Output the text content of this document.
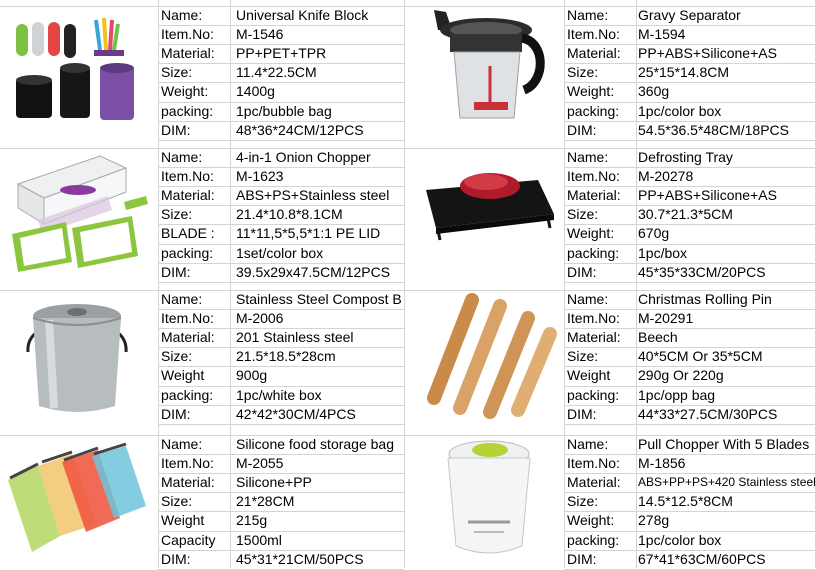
Name: Universal Knife Block
Item.No: M-1546
Material: PP+PET+TPR
Size:	11.4*22.5CM
Weight: 1400g
packing: 1pc/bubble bag
DIM:	48*36*24CM/12PCS
Name: Gravy Separator
Item.No: M-1594
Material: PP+ABS+Silicone+AS
Size:	25*15*14.8CM
Weight: 360g
packing: 1pc/color box
DIM:	54.5*36.5*48CM/18PCS
Name: 4-in-1 Onion Chopper
Item.No: M-1623
Material: ABS+PS+Stainless steel
Size:	21.4*10.8*8.1CM
BLADE : 11*11,5*5,5*1:1 PE LID
packing: 1set/color box
DIM:	39.5x29x47.5CM/12PCS
Name: Defrosting Tray
Item.No: M-20278
Material: PP+ABS+Silicone+AS
Size:	30.7*21.3*5CM
Weight: 670g
packing: 1pc/box
DIM:	45*35*33CM/20PCS
Name: Stainless Steel Compost B
Item.No: M-2006
Material: 201 Stainless steel
Size:	21.5*18.5*28cm
Weight 900g
packing: 1pc/white box
DIM:	42*42*30CM/4PCS
Name: Christmas Rolling Pin
Item.No: M-20291
Material: Beech
Size:	40*5CM Or 35*5CM
Weight 290g Or 220g
packing: 1pc/opp bag
DIM:	44*33*27.5CM/30PCS
Name: Silicone food storage bag
Item.No: M-2055
Material: Silicone+PP
Size:	21*28CM
Weight 215g
Capacity 1500ml
DIM:	45*31*21CM/50PCS
Name: Pull Chopper With 5 Blades
Item.No: M-1856
Material: ABS+PP+PS+420 Stainless steel
Size:	14.5*12.5*8CM
Weight: 278g
packing: 1pc/color box
DIM:	67*41*63CM/60PCS
